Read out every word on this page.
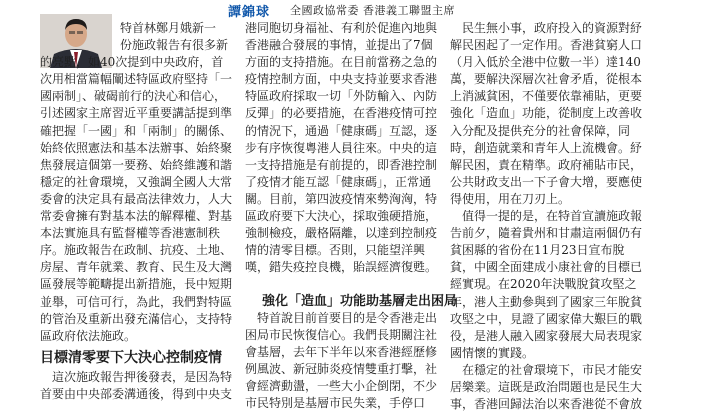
譚錦球 全國政協常委 香港義工聯盟主席

特首林鄭月娥新一

份施政報告有很多新

的亮點，如40次提到中央政府，首

次用相當篇幅闡述特區政府堅持「一

國兩制」、破碣前行的決心和信心，

引述國家主席習近平重要講話提到準

確把握「一國」和「兩制」的關係、

始終依照憲法和基本法辦事、始終聚

焦發展這個第一要務、始終維護和諧

穩定的社會環境，又強調全國人大常

委會的決定具有最高法律效力，人大

常委會擁有對基本法的解釋權、對基

本法實施具有監督權等香港憲制秩

序。施政報告在政制、抗疫、土地、

房屋、青年就業、教育、民生及大灣

區發展等範疇提出新措施，長中短期

並舉，可信可行，為此，我們對特區

的管治及重新出發充滿信心，支持特

區政府依法施政。

目標清零要下大決心控制疫情

這次施政報告押後發表，是因為特

首要由中央部委溝通後，得到中央支

港同胞切身福祉、有利於促進內地與

香港融合發展的事情，並提出了7個

方面的支持措施。在目前當務之急的

疫情控制方面，中央支持並要求香港

特區政府採取一切「外防輸入、內防

反彈」的必要措施，在香港疫情可控

的情況下，通過「健康碼」互認，逐

步有序恢復粵港人員往來。中央的這

一支持措施是有前提的，即香港控制

了疫情才能互認「健康碼」，正常通

關。目前，第四波疫情來勢洶洶，特

區政府要下大決心，採取強硬措施，

強制檢疫，嚴格隔離，以達到控制疫

情的清零目標。否則，只能望洋興

嘆，錯失疫控良機，貽誤經濟復甦。

強化「造血」功能助基層走出困局

特首說目前首要目的是令香港走出

困局市民恢復信心。我們長期關注社

會基層，去年下半年以來香港經歷修

例風波、新冠肺炎疫情雙重打擊，社

會經濟動盪，一些大小企倒閉，不少

市民特別是基層市民失業，手停口

民生無小事，政府投入的資源對紓

解民困起了一定作用。香港貧窮人口

（月入低於全港中位數一半）達140

萬，要解決深層次社會矛盾，從根本

上消滅貧困，不僅要依靠補貼，更要

強化「造血」功能，從制度上改善收

入分配及提供充分的社會保障，同

時，創造就業和青年人上流機會。紓

解民困，責在精準。政府補貼市民，

公共財政支出一下子會大增，要應使

得使用，用在刀刃上。

值得一提的是，在特首宣讀施政報

告前夕，隨着貴州和甘肅這兩個仍有

貧困縣的省份在11月23日宣布脫

貧，中國全面建成小康社會的目標已

經實現。在2020年決戰脫貧攻堅之

年，港人主動參與到了國家三年脫貧

攻堅之中，見證了國家偉大艱巨的戰

役，是港人融入國家發展大局表現家

國情懷的實踐。

在穩定的社會環境下，市民才能安

居樂業。這既是政治問題也是民生大

事，香港回歸法治以來香港從不會放
